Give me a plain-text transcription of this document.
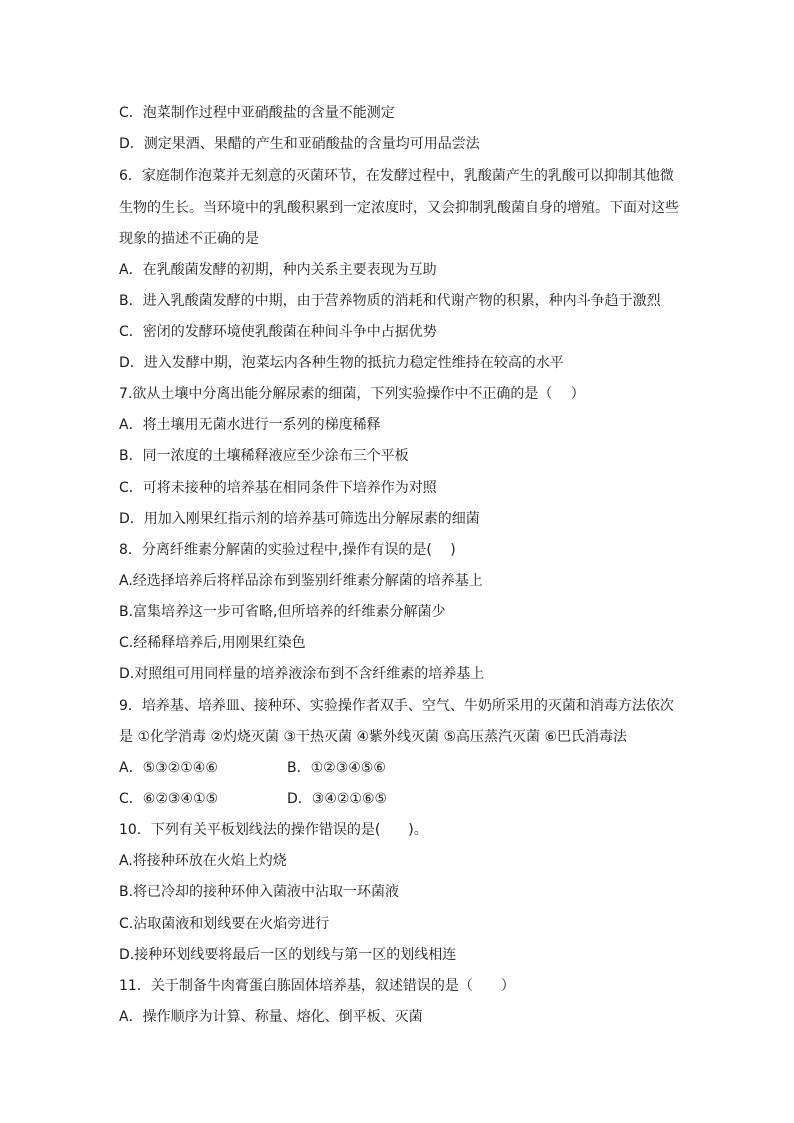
C．泡菜制作过程中亚硝酸盐的含量不能测定
D．测定果酒、果醋的产生和亚硝酸盐的含量均可用品尝法
6．家庭制作泡菜并无刻意的灭菌环节，在发酵过程中，乳酸菌产生的乳酸可以抑制其他微
生物的生长。当环境中的乳酸积累到一定浓度时，又会抑制乳酸菌自身的增殖。下面对这些
现象的描述不正确的是
A．在乳酸菌发酵的初期，种内关系主要表现为互助
B．进入乳酸菌发酵的中期，由于营养物质的消耗和代谢产物的积累，种内斗争趋于激烈
C．密闭的发酵环境使乳酸菌在种间斗争中占据优势
D．进入发酵中期，泡菜坛内各种生物的抵抗力稳定性维持在较高的水平
7.欲从土壤中分离出能分解尿素的细菌，下列实验操作中不正确的是（　 ）
A．将土壤用无菌水进行一系列的梯度稀释
B．同一浓度的土壤稀释液应至少涂布三个平板
C．可将未接种的培养基在相同条件下培养作为对照
D．用加入刚果红指示剂的培养基可筛选出分解尿素的细菌
8．分离纤维素分解菌的实验过程中,操作有误的是(　 )
A.经选择培养后将样品涂布到鉴别纤维素分解菌的培养基上
B.富集培养这一步可省略,但所培养的纤维素分解菌少
C.经稀释培养后,用刚果红染色
D.对照组可用同样量的培养液涂布到不含纤维素的培养基上
9．培养基、培养皿、接种环、实验操作者双手、空气、牛奶所采用的灭菌和消毒方法依次
是 ①化学消毒 ②灼烧灭菌 ③干热灭菌 ④紫外线灭菌 ⑤高压蒸汽灭菌 ⑥巴氏消毒法
A．⑤③②①④⑥	B．①②③④⑤⑥
C．⑥②③④①⑤	D．③④②①⑥⑤
10．下列有关平板划线法的操作错误的是(　　)。
A.将接种环放在火焰上灼烧
B.将已冷却的接种环伸入菌液中沾取一环菌液
C.沾取菌液和划线要在火焰旁进行
D.接种环划线要将最后一区的划线与第一区的划线相连
11．关于制备牛肉膏蛋白胨固体培养基，叙述错误的是（　　）
A．操作顺序为计算、称量、熔化、倒平板、灭菌
